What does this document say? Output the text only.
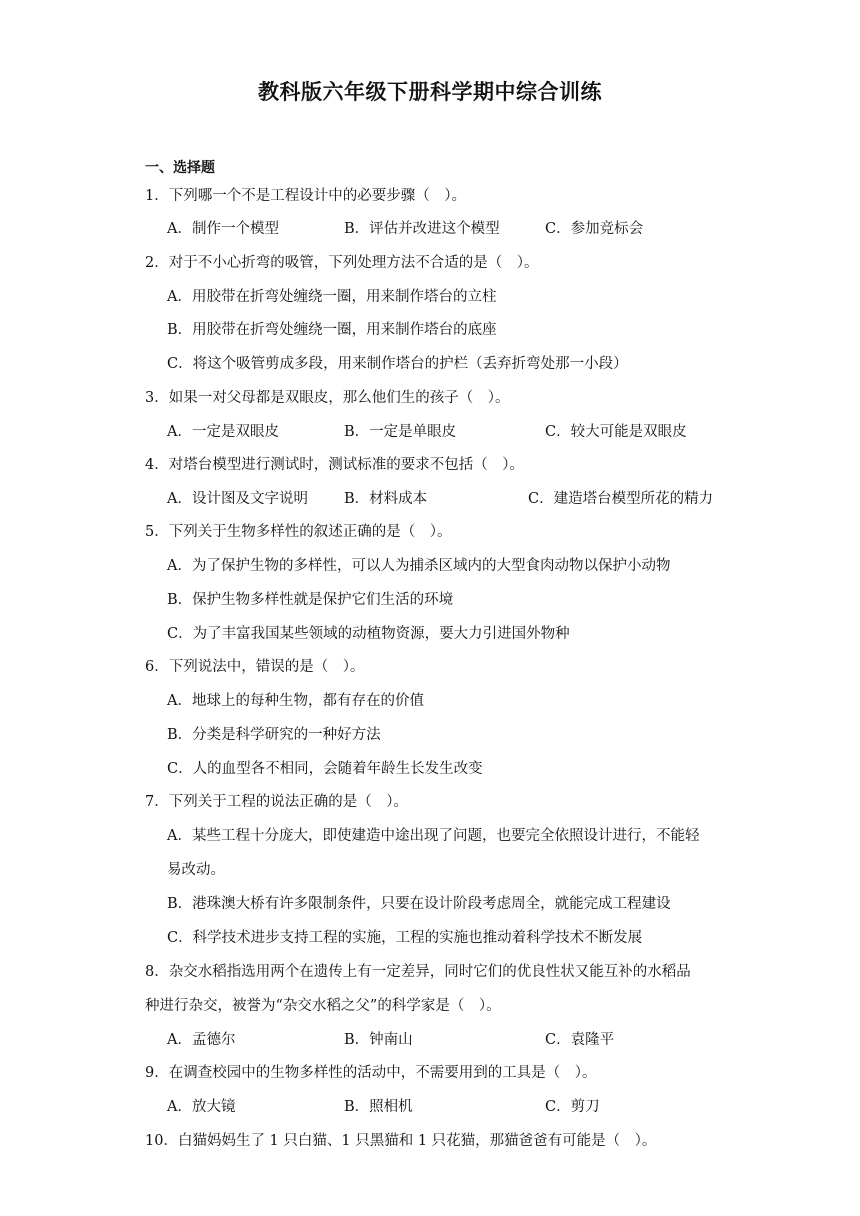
教科版六年级下册科学期中综合训练
一、选择题
1．下列哪一个不是工程设计中的必要步骤（　）。
A．制作一个模型	B．评估并改进这个模型	C．参加竞标会
2．对于不小心折弯的吸管，下列处理方法不合适的是（　）。
A．用胶带在折弯处缠绕一圈，用来制作塔台的立柱
B．用胶带在折弯处缠绕一圈，用来制作塔台的底座
C．将这个吸管剪成多段，用来制作塔台的护栏（丢弃折弯处那一小段）
3．如果一对父母都是双眼皮，那么他们生的孩子（　）。
A．一定是双眼皮	B．一定是单眼皮	C．较大可能是双眼皮
4．对塔台模型进行测试时，测试标准的要求不包括（　）。
A．设计图及文字说明 B．材料成本	C．建造塔台模型所花的精力
5．下列关于生物多样性的叙述正确的是（　）。
A．为了保护生物的多样性，可以人为捕杀区域内的大型食肉动物以保护小动物
B．保护生物多样性就是保护它们生活的环境
C．为了丰富我国某些领域的动植物资源，要大力引进国外物种
6．下列说法中，错误的是（　）。
A．地球上的每种生物，都有存在的价值
B．分类是科学研究的一种好方法
C．人的血型各不相同，会随着年龄生长发生改变
7．下列关于工程的说法正确的是（　）。
A．某些工程十分庞大，即使建造中途出现了问题，也要完全依照设计进行，不能轻
易改动。
B．港珠澳大桥有许多限制条件，只要在设计阶段考虑周全，就能完成工程建设
C．科学技术进步支持工程的实施，工程的实施也推动着科学技术不断发展
8．杂交水稻指选用两个在遗传上有一定差异，同时它们的优良性状又能互补的水稻品
种进行杂交，被誉为“杂交水稻之父”的科学家是（　）。
A．孟德尔	B．钟南山	C．袁隆平
9．在调查校园中的生物多样性的活动中，不需要用到的工具是（　）。
A．放大镜	B．照相机	C．剪刀
10．白猫妈妈生了 1 只白猫、1 只黑猫和 1 只花猫，那猫爸爸有可能是（　）。
